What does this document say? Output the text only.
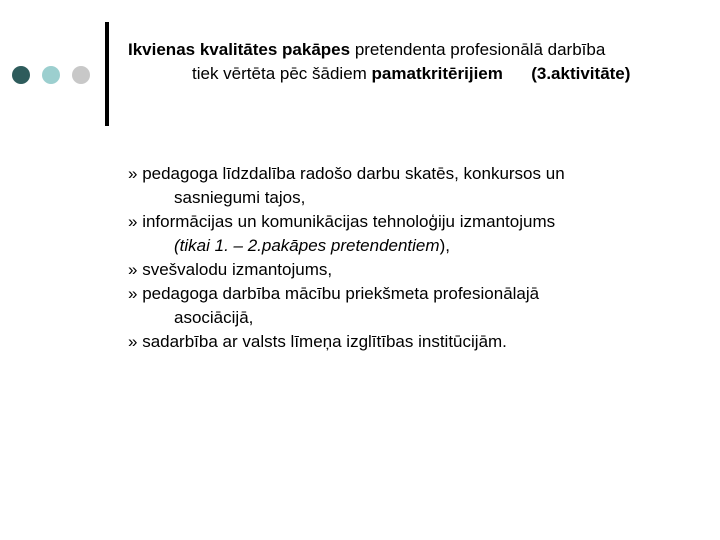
Ikvienas kvalitātes pakāpes pretendenta profesionālā darbība
tiek vērtēta pēc šādiem pamatkritērijiem (3.aktivitāte)
» pedagoga līdzdalība radošo darbu skatēs, konkursos un
sasniegumi tajos,
» informācijas un komunikācijas tehnoloģiju izmantojums
(tikai 1. – 2.pakāpes pretendentiem),
» svešvalodu izmantojums,
» pedagoga darbība mācību priekšmeta profesionālajā
asociācijā,
» sadarbība ar valsts līmeņa izglītības institūcijām.
